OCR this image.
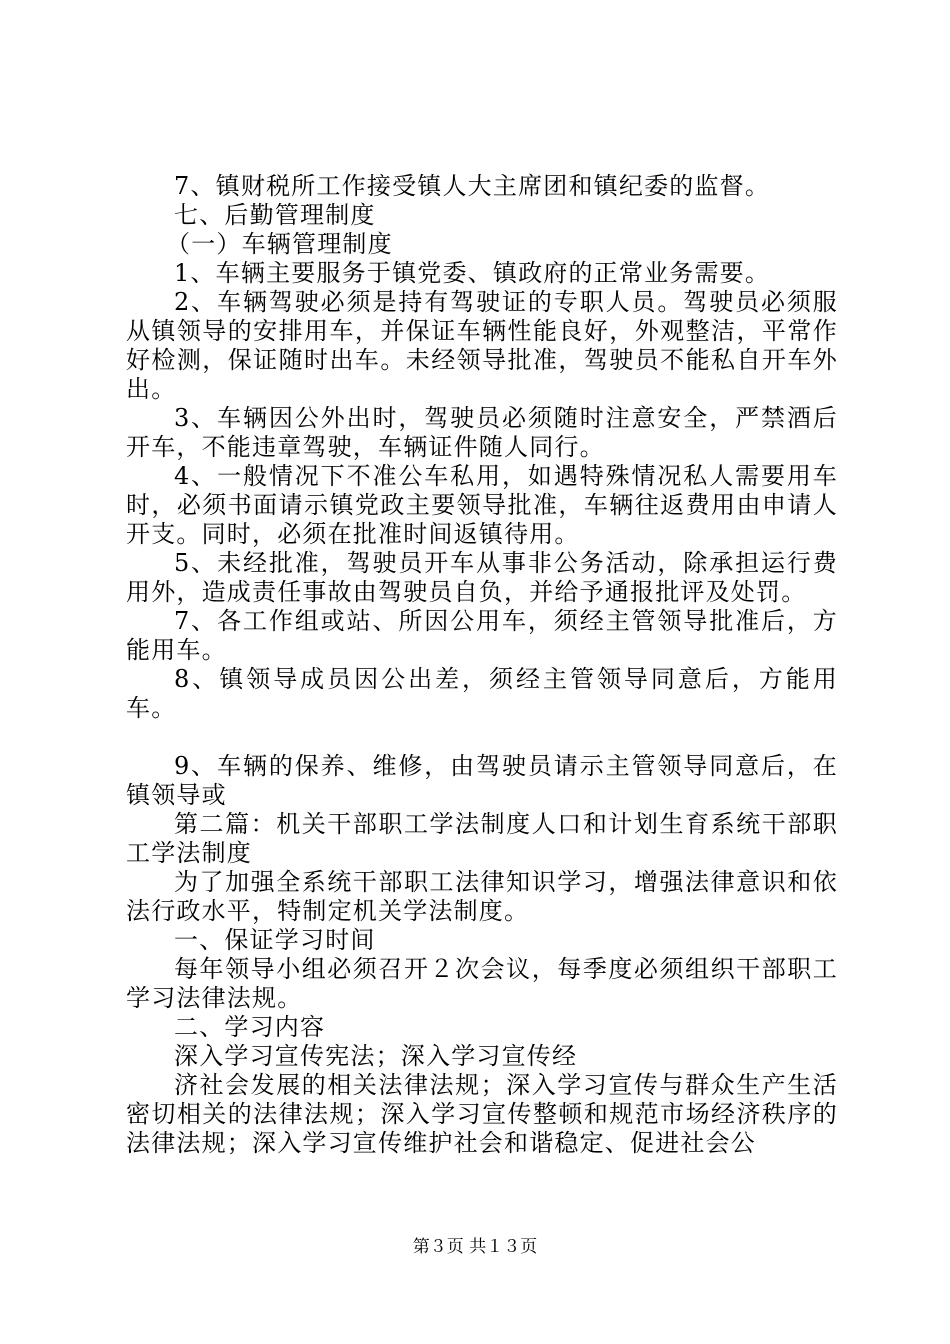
7、镇财税所工作接受镇人大主席团和镇纪委的监督。

七、后勤管理制度

（一）车辆管理制度

1、车辆主要服务于镇党委、镇政府的正常业务需要。

2、车辆驾驶必须是持有驾驶证的专职人员。驾驶员必须服从镇领导的安排用车，并保证车辆性能良好，外观整洁，平常作好检测，保证随时出车。未经领导批准，驾驶员不能私自开车外出。

3、车辆因公外出时，驾驶员必须随时注意安全，严禁酒后开车，不能违章驾驶，车辆证件随人同行。

4、一般情况下不准公车私用，如遇特殊情况私人需要用车时，必须书面请示镇党政主要领导批准，车辆往返费用由申请人开支。同时，必须在批准时间返镇待用。

5、未经批准，驾驶员开车从事非公务活动，除承担运行费用外，造成责任事故由驾驶员自负，并给予通报批评及处罚。

7、各工作组或站、所因公用车，须经主管领导批准后，方能用车。

8、镇领导成员因公出差，须经主管领导同意后，方能用车。

9、车辆的保养、维修，由驾驶员请示主管领导同意后，在镇领导或

第二篇：机关干部职工学法制度人口和计划生育系统干部职工学法制度

为了加强全系统干部职工法律知识学习，增强法律意识和依法行政水平，特制定机关学法制度。

一、保证学习时间

每年领导小组必须召开２次会议，每季度必须组织干部职工学习法律法规。

二、学习内容

深入学习宣传宪法；深入学习宣传经

济社会发展的相关法律法规；深入学习宣传与群众生产生活密切相关的法律法规；深入学习宣传整顿和规范市场经济秩序的法律法规；深入学习宣传维护社会和谐稳定、促进社会公

第３页 共１３页
